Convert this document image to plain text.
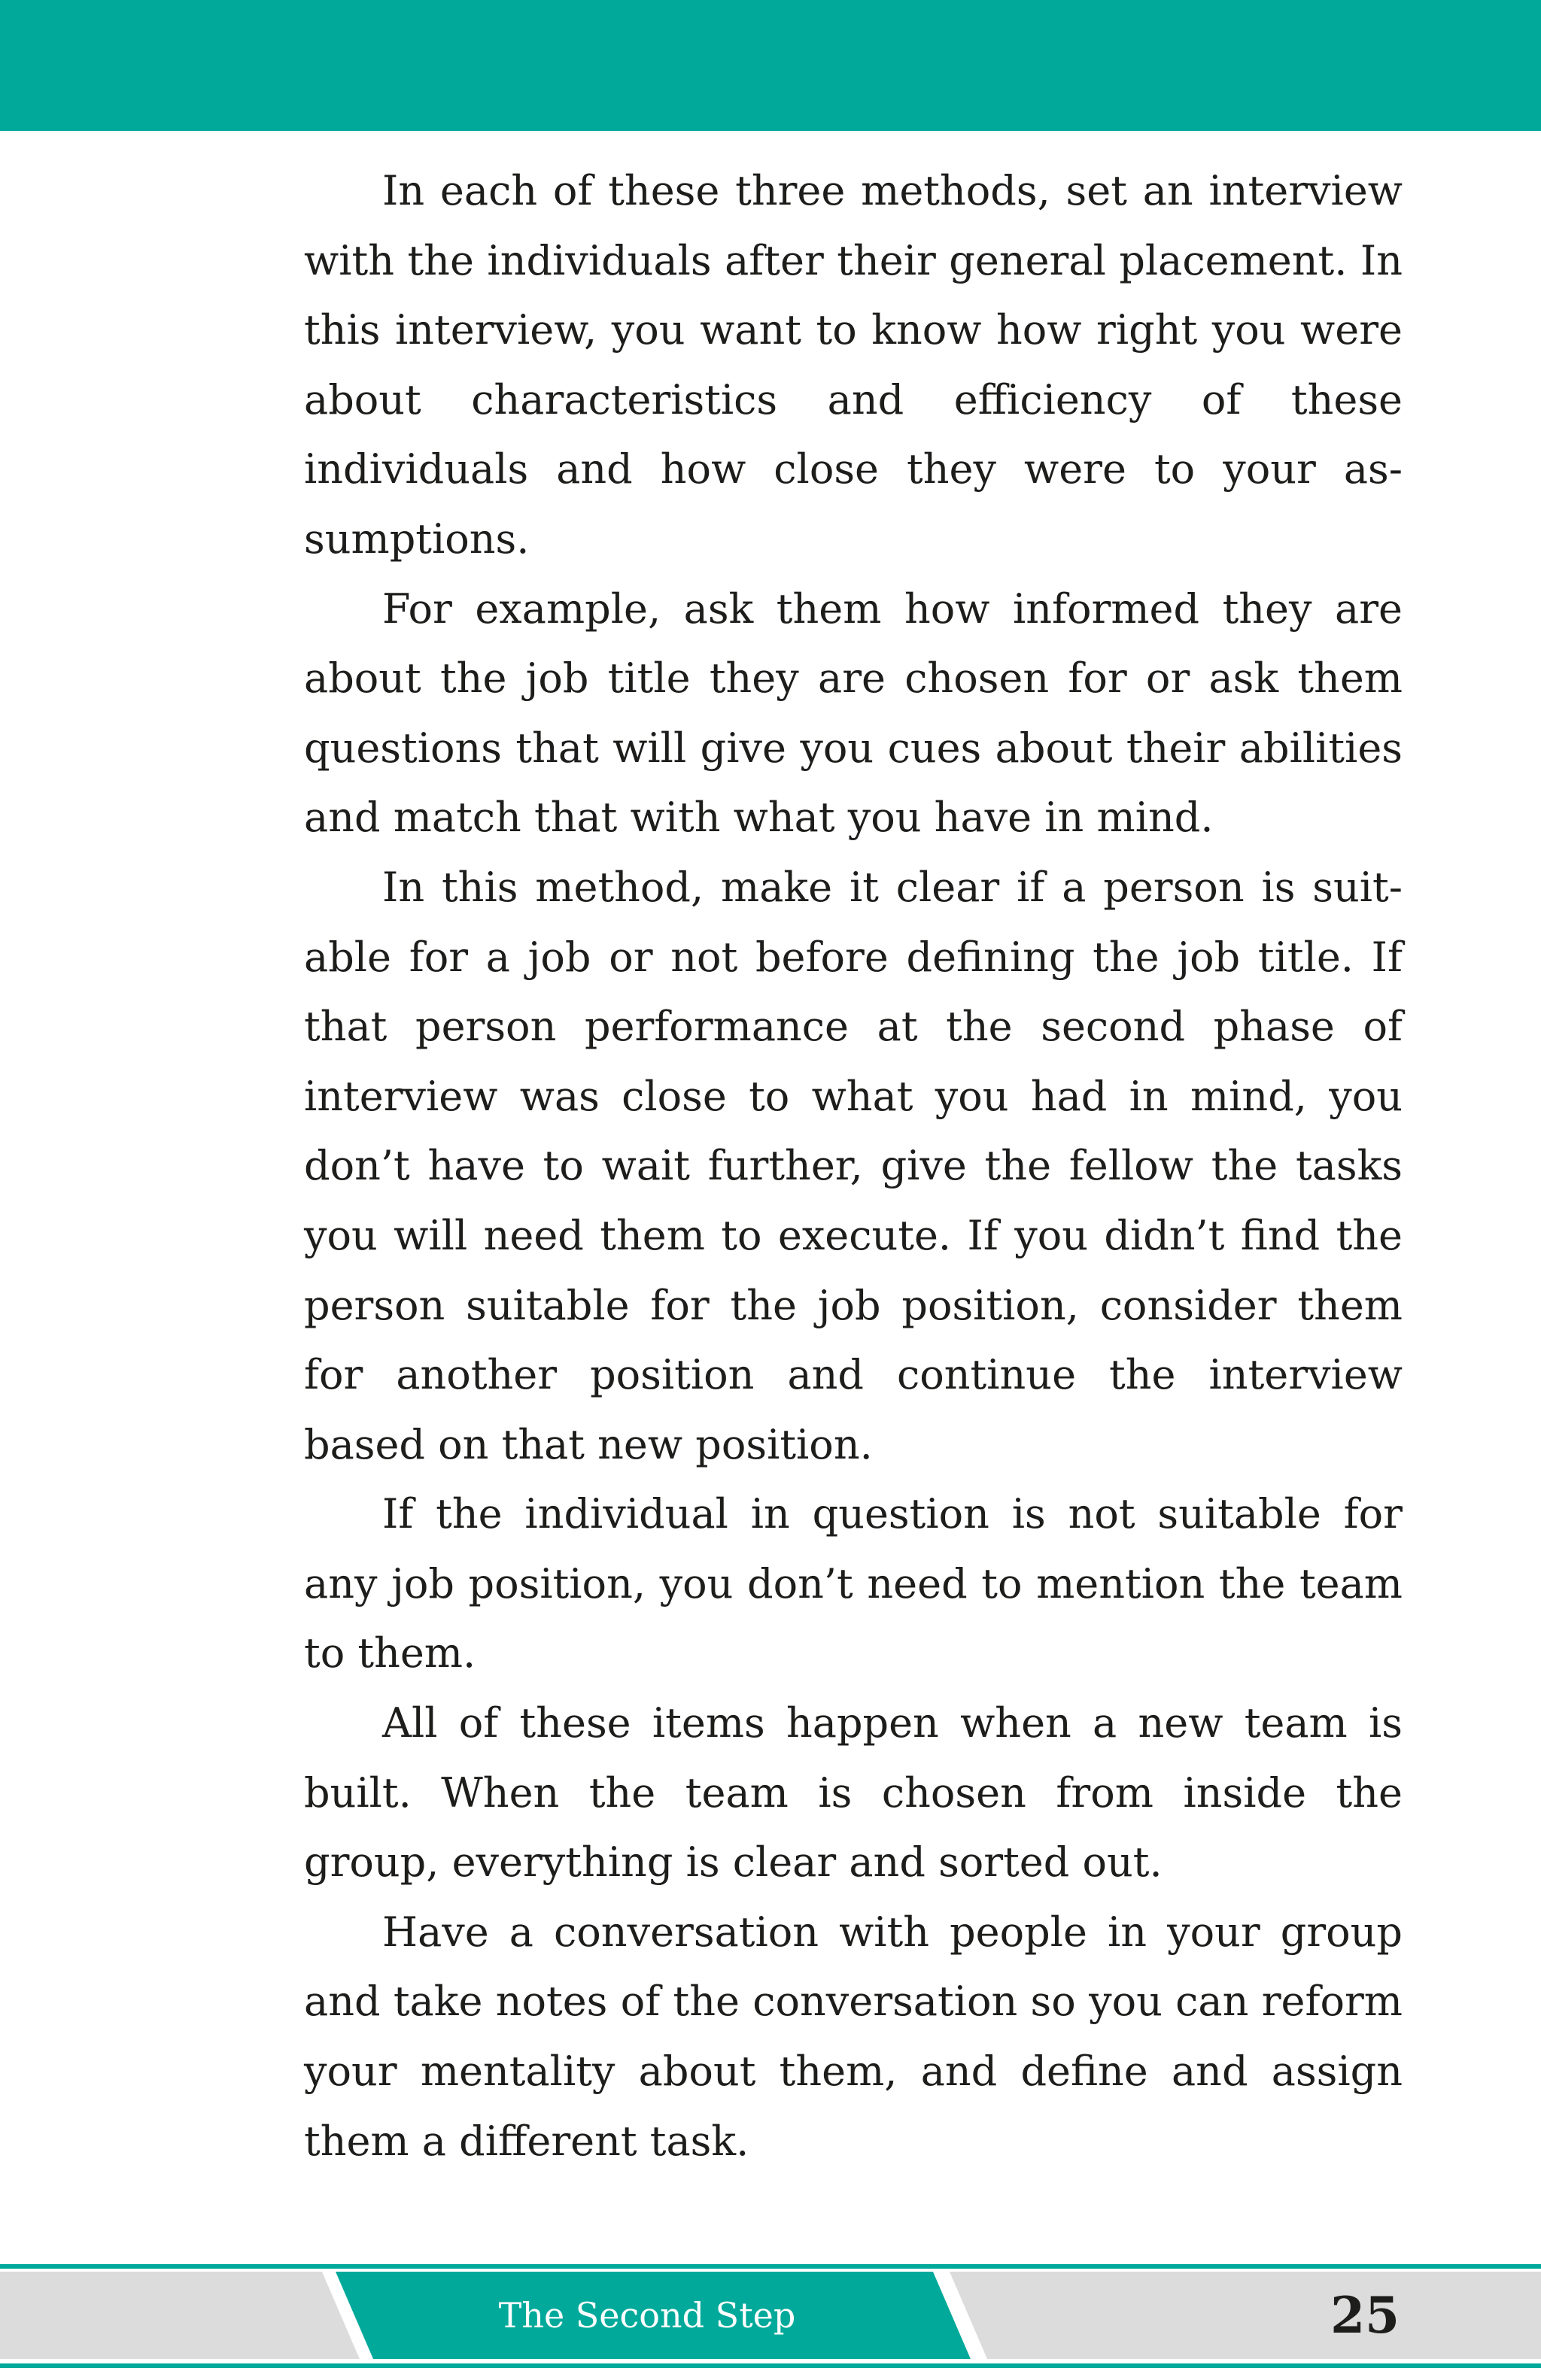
In each of these three methods, set an interview with the individuals after their general placement. In this interview, you want to know how right you were about characteristics and efficiency of these individuals and how close they were to your assumptions.

For example, ask them how informed they are about the job title they are chosen for or ask them questions that will give you cues about their abilities and match that with what you have in mind.

In this method, make it clear if a person is suitable for a job or not before defining the job title. If that person performance at the second phase of interview was close to what you had in mind, you don’t have to wait further, give the fellow the tasks you will need them to execute. If you didn’t find the person suitable for the job position, consider them for another position and continue the interview based on that new position.

If the individual in question is not suitable for any job position, you don’t need to mention the team to them.

All of these items happen when a new team is built. When the team is chosen from inside the group, everything is clear and sorted out.

Have a conversation with people in your group and take notes of the conversation so you can reform your mentality about them, and define and assign them a different task.

The Second Step	25
